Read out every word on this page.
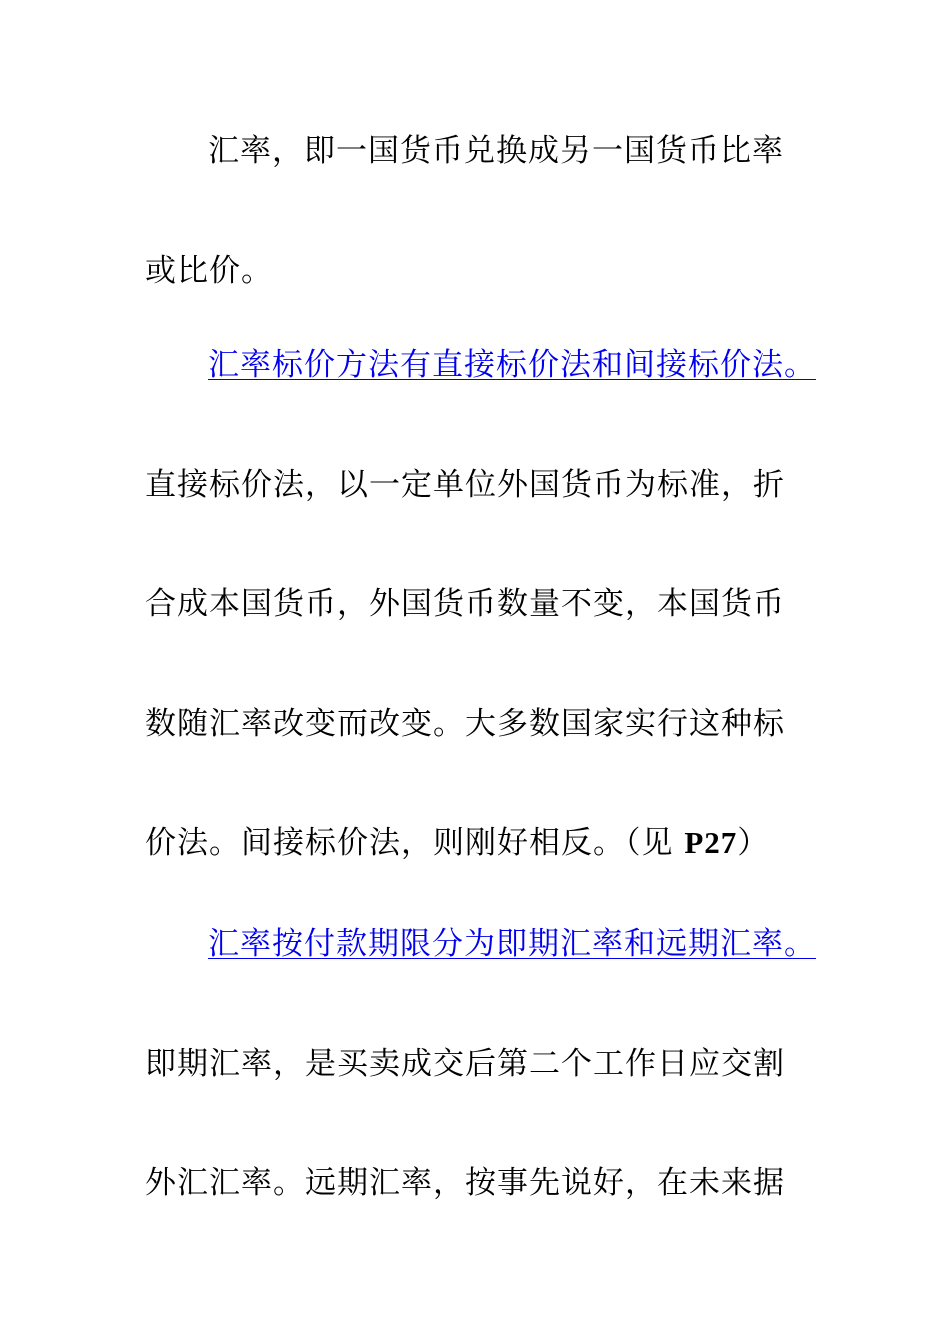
汇率，即一国货币兑换成另一国货币比率
或比价。
汇率标价方法有直接标价法和间接标价法。
直接标价法，以一定单位外国货币为标准，折
合成本国货币，外国货币数量不变，本国货币
数随汇率改变而改变。大多数国家实行这种标
价法。间接标价法，则刚好相反。（见 P27）
汇率按付款期限分为即期汇率和远期汇率。
即期汇率，是买卖成交后第二个工作日应交割
外汇汇率。远期汇率，按事先说好，在未来据
